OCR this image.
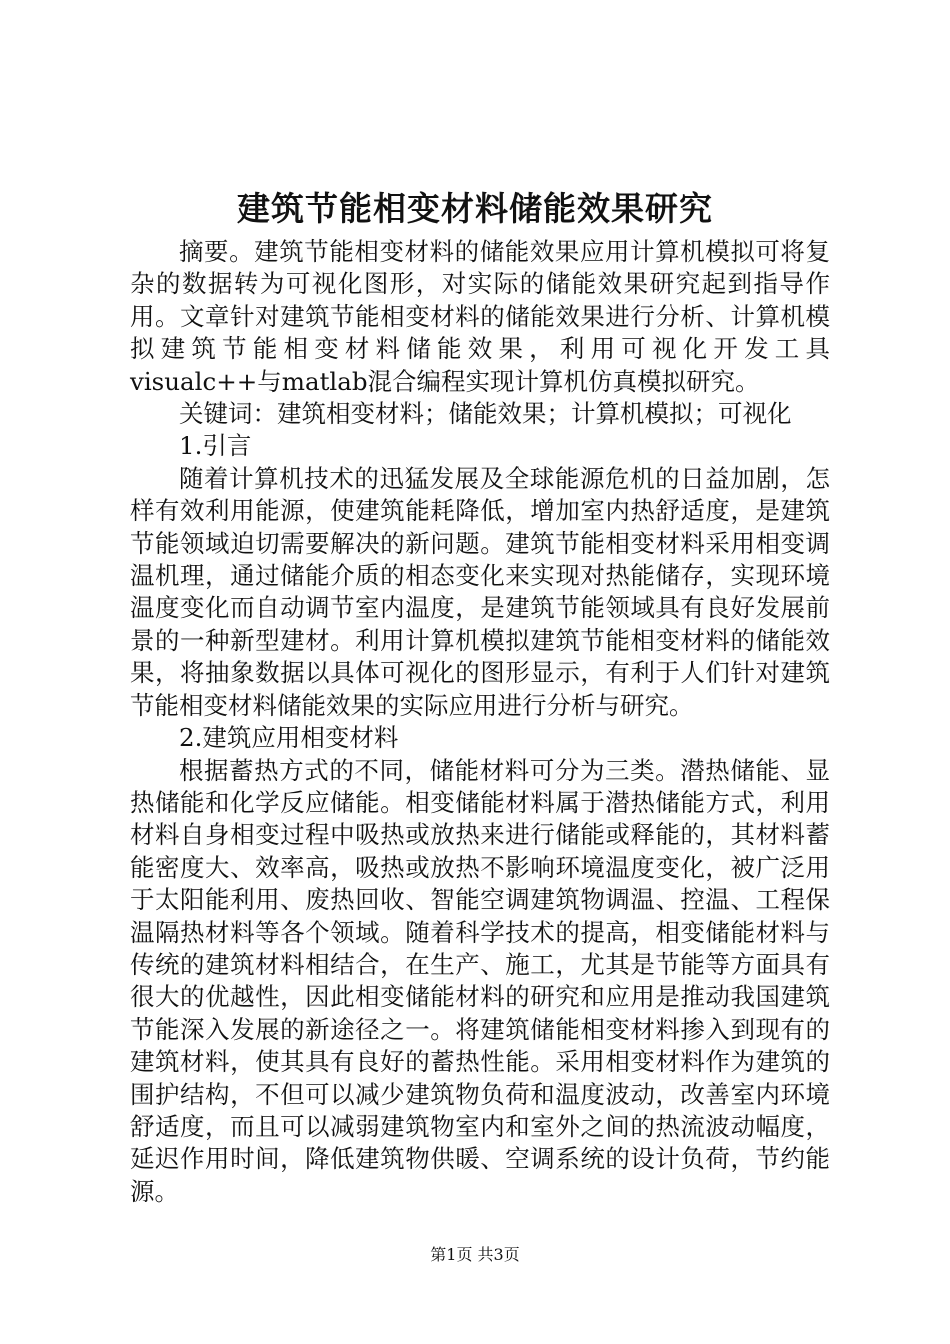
建筑节能相变材料储能效果研究

摘要。建筑节能相变材料的储能效果应用计算机模拟可将复杂的数据转为可视化图形，对实际的储能效果研究起到指导作用。文章针对建筑节能相变材料的储能效果进行分析、计算机模拟建筑节能相变材料储能效果，利用可视化开发工具visualc++与matlab混合编程实现计算机仿真模拟研究。

关键词：建筑相变材料；储能效果；计算机模拟；可视化

1.引言

随着计算机技术的迅猛发展及全球能源危机的日益加剧，怎样有效利用能源，使建筑能耗降低，增加室内热舒适度，是建筑节能领域迫切需要解决的新问题。建筑节能相变材料采用相变调温机理，通过储能介质的相态变化来实现对热能储存，实现环境温度变化而自动调节室内温度，是建筑节能领域具有良好发展前景的一种新型建材。利用计算机模拟建筑节能相变材料的储能效果，将抽象数据以具体可视化的图形显示，有利于人们针对建筑节能相变材料储能效果的实际应用进行分析与研究。

2.建筑应用相变材料

根据蓄热方式的不同，储能材料可分为三类。潜热储能、显热储能和化学反应储能。相变储能材料属于潜热储能方式，利用材料自身相变过程中吸热或放热来进行储能或释能的，其材料蓄能密度大、效率高，吸热或放热不影响环境温度变化，被广泛用于太阳能利用、废热回收、智能空调建筑物调温、控温、工程保温隔热材料等各个领域。随着科学技术的提高，相变储能材料与传统的建筑材料相结合，在生产、施工，尤其是节能等方面具有很大的优越性，因此相变储能材料的研究和应用是推动我国建筑节能深入发展的新途径之一。将建筑储能相变材料掺入到现有的建筑材料，使其具有良好的蓄热性能。采用相变材料作为建筑的围护结构，不但可以减少建筑物负荷和温度波动，改善室内环境舒适度，而且可以减弱建筑物室内和室外之间的热流波动幅度，延迟作用时间，降低建筑物供暖、空调系统的设计负荷，节约能源。

第1页 共3页
